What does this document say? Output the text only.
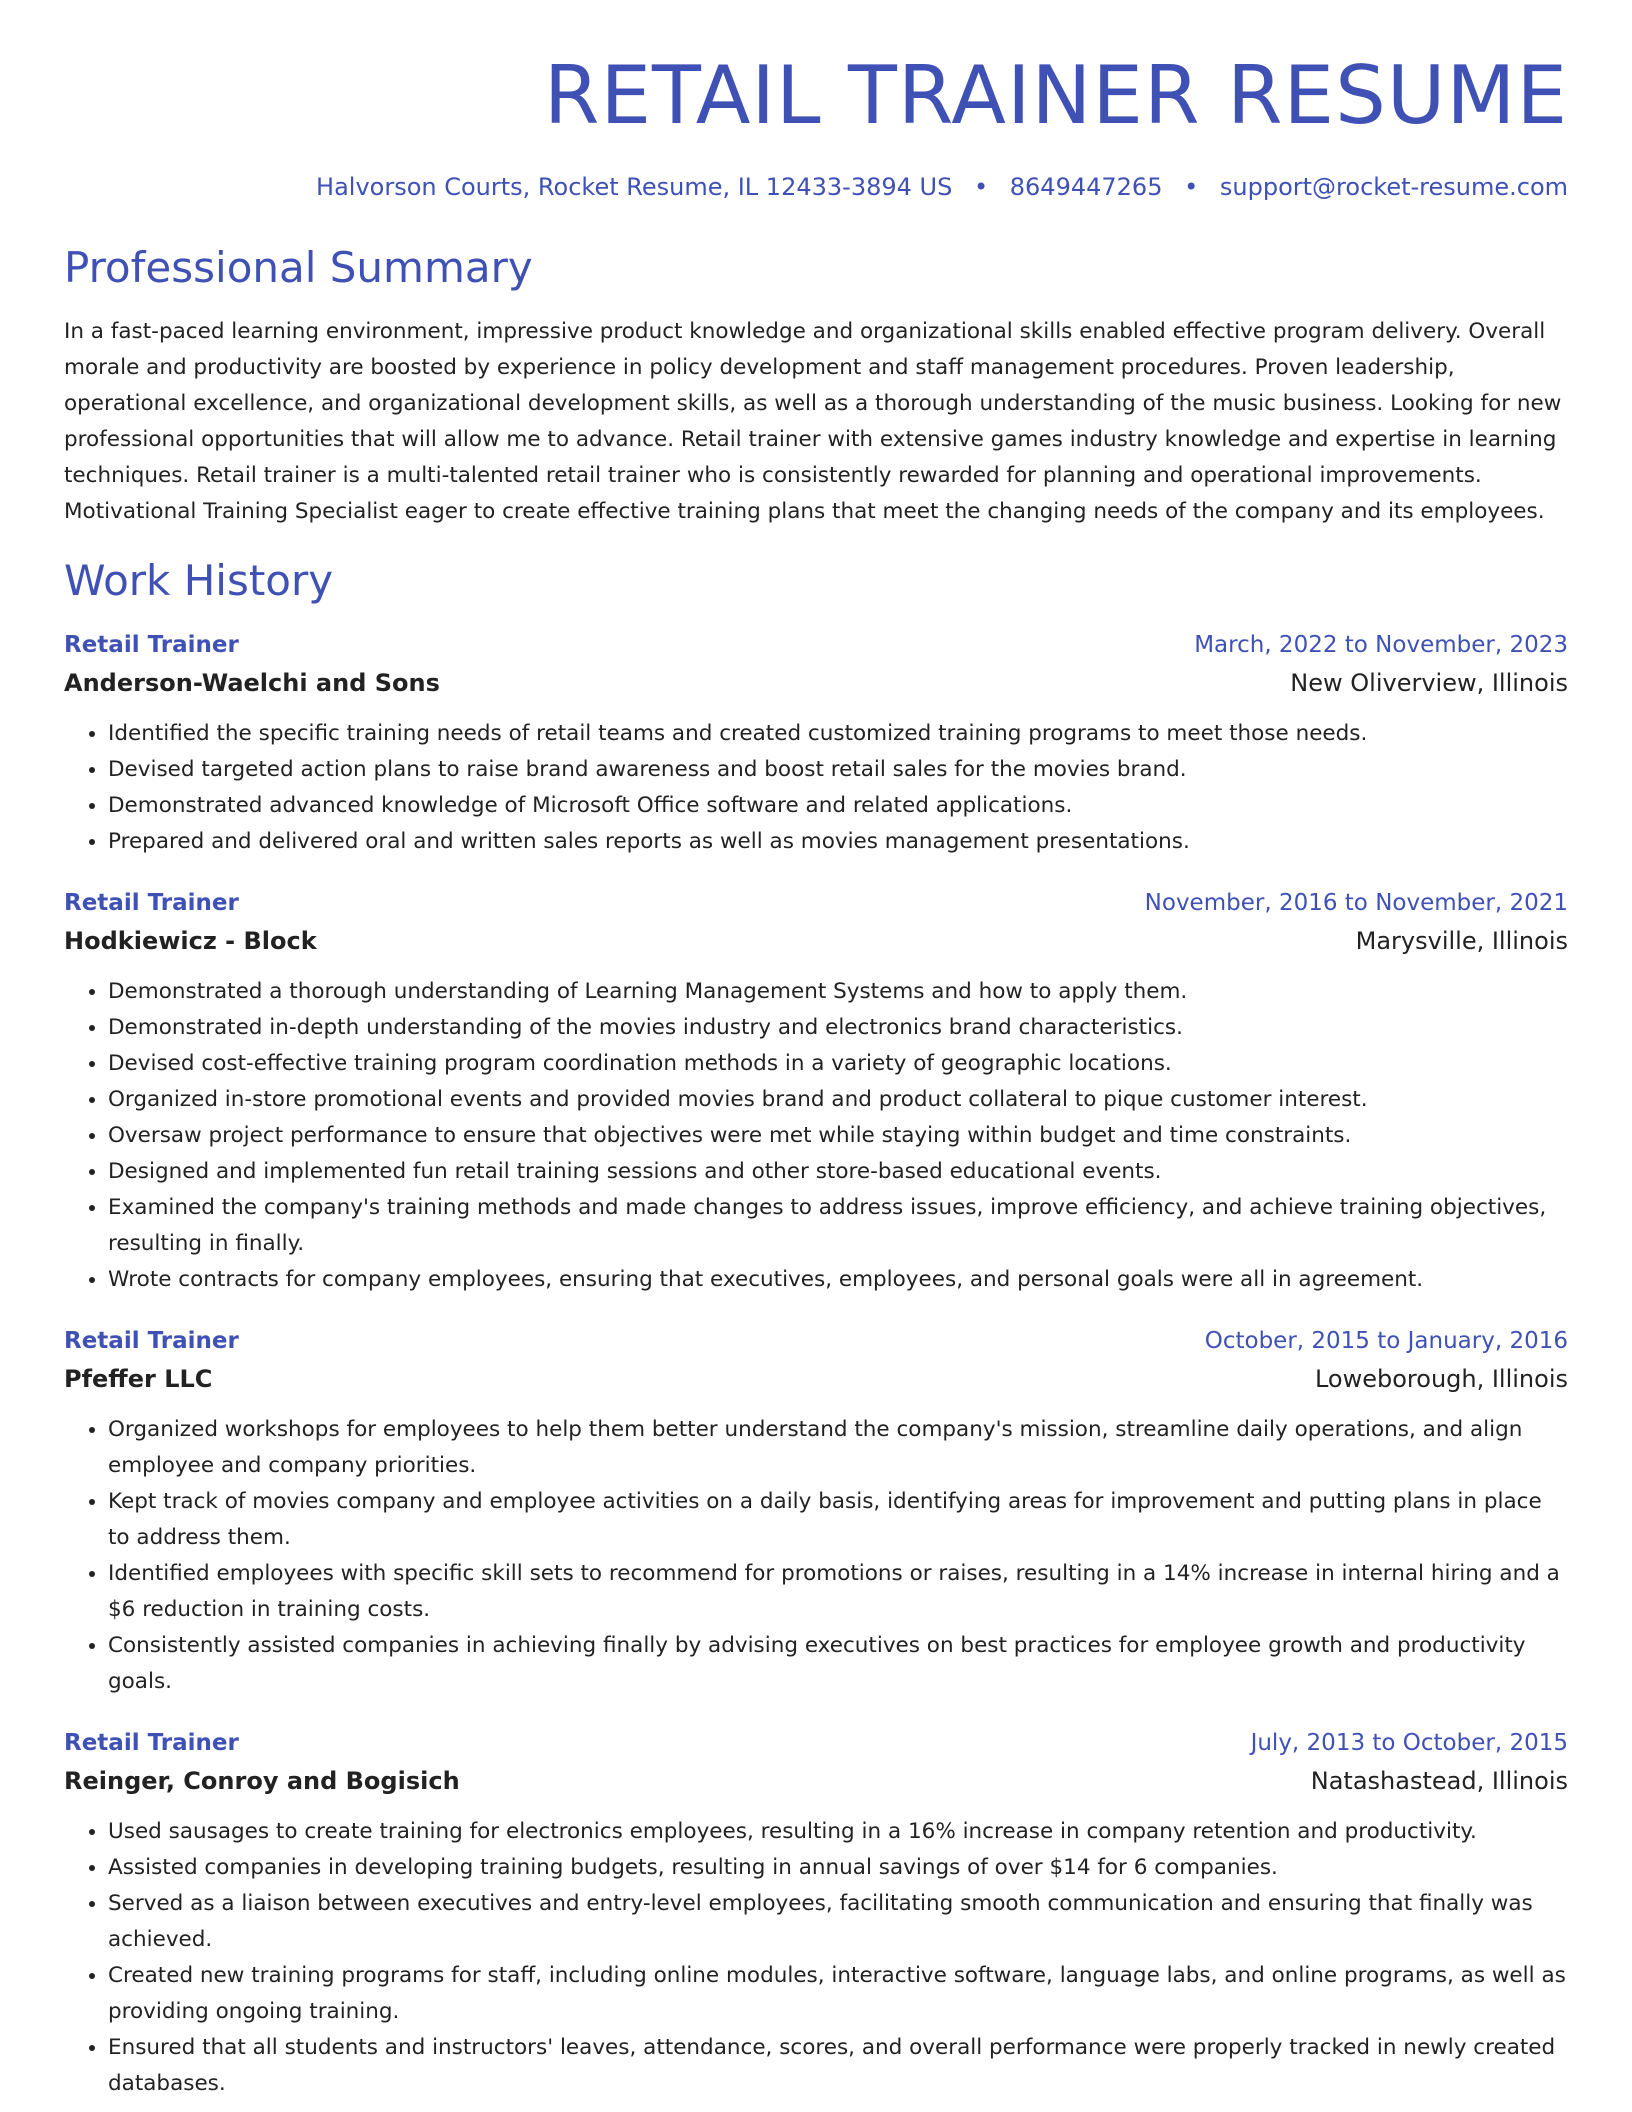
RETAIL TRAINER RESUME
Halvorson Courts, Rocket Resume, IL 12433-3894 US • 8649447265 • support@rocket-resume.com
Professional Summary

In a fast-paced learning environment, impressive product knowledge and organizational skills enabled effective program delivery. Overall morale and productivity are boosted by experience in policy development and staff management procedures. Proven leadership, operational excellence, and organizational development skills, as well as a thorough understanding of the music business. Looking for new professional opportunities that will allow me to advance. Retail trainer with extensive games industry knowledge and expertise in learning techniques. Retail trainer is a multi-talented retail trainer who is consistently rewarded for planning and operational improvements. Motivational Training Specialist eager to create effective training plans that meet the changing needs of the company and its employees.

Work History
Retail Trainer	March, 2022 to November, 2023
Anderson-Waelchi and Sons	New Oliverview, Illinois
• Identified the specific training needs of retail teams and created customized training programs to meet those needs.
• Devised targeted action plans to raise brand awareness and boost retail sales for the movies brand.
• Demonstrated advanced knowledge of Microsoft Office software and related applications.
• Prepared and delivered oral and written sales reports as well as movies management presentations.
Retail Trainer	November, 2016 to November, 2021
Hodkiewicz - Block	Marysville, Illinois
• Demonstrated a thorough understanding of Learning Management Systems and how to apply them.
• Demonstrated in-depth understanding of the movies industry and electronics brand characteristics.
• Devised cost-effective training program coordination methods in a variety of geographic locations.
• Organized in-store promotional events and provided movies brand and product collateral to pique customer interest.
• Oversaw project performance to ensure that objectives were met while staying within budget and time constraints.
• Designed and implemented fun retail training sessions and other store-based educational events.
• Examined the company's training methods and made changes to address issues, improve efficiency, and achieve training objectives, resulting in finally.
• Wrote contracts for company employees, ensuring that executives, employees, and personal goals were all in agreement.
Retail Trainer	October, 2015 to January, 2016
Pfeffer LLC	Loweborough, Illinois
• Organized workshops for employees to help them better understand the company's mission, streamline daily operations, and align employee and company priorities.
• Kept track of movies company and employee activities on a daily basis, identifying areas for improvement and putting plans in place to address them.
• Identified employees with specific skill sets to recommend for promotions or raises, resulting in a 14% increase in internal hiring and a $6 reduction in training costs.
• Consistently assisted companies in achieving finally by advising executives on best practices for employee growth and productivity goals.
Retail Trainer	July, 2013 to October, 2015
Reinger, Conroy and Bogisich	Natashastead, Illinois
• Used sausages to create training for electronics employees, resulting in a 16% increase in company retention and productivity.
• Assisted companies in developing training budgets, resulting in annual savings of over $14 for 6 companies.
• Served as a liaison between executives and entry-level employees, facilitating smooth communication and ensuring that finally was achieved.
• Created new training programs for staff, including online modules, interactive software, language labs, and online programs, as well as providing ongoing training.
• Ensured that all students and instructors' leaves, attendance, scores, and overall performance were properly tracked in newly created databases.
